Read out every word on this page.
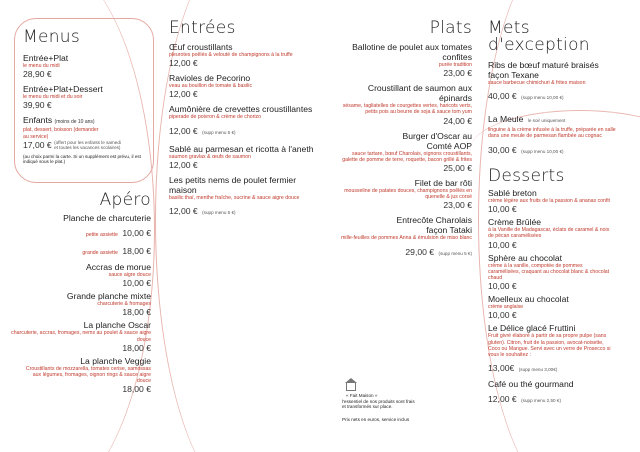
Menus
Entrée+Plat
le menu du midi
28,90 €
Entrée+Plat+Dessert
le menu du midi et du soir
39,90 €
Enfants (moins de 10 ans)
plat, dessert, boisson (demander au service)
17,00 € (offert pour les enfants le samedi et toutes les vacances scolaires)
(au choix parmi la carte. Si un supplément est prévu, il est indiqué sous le plat.)
Apéro
Planche de charcuterie
petite assiette 10,00 €
grande assiette 18,00 €
Accras de morue
sauce aigre douce
10,00 €
Grande planche mixte
charcuterie & fromages
18,00 €
La planche Oscar
charcuterie, accras, fromages, nems au poulet & sauce aigre douce
18,00 €
La planche Veggie
Croustillants de mozzarella, tomates cerise, samossas aux légumes, fromages, oignon rings & sauce aigre douce
18,00 €
Entrées
Œuf croustillants
pleurotes poêlés & velouté de champignons à la truffe
12,00 €
Ravioles de Pecorino
veau au bouillon de tomate & basilic
12,00 €
Aumônière de crevettes croustillantes
piperade de poivron & crème de chorizo
12,00 € (supp menu 5 €)
Sablé au parmesan et ricotta à l'aneth
saumon gravlax & œufs de saumon
12,00 €
Les petits nems de poulet fermier maison
basilic thaï, menthe fraîche, sucrine & sauce aigre douce
12,00 € (supp menu 5 €)
Plats
Ballotine de poulet aux tomates confites
purée tradition
23,00 €
Croustillant de saumon aux épinards
sésame, tagliatelles de courgettes vertes, haricots verts, petits pois au beurre de soja & sauce tom yum
24,00 €
Burger d'Oscar au Comté AOP
sauce tartare, bœuf Charolais, oignons croustillants, galette de pomme de terre, roquette, bacon grillé & frites
25,00 €
Filet de bar rôti
mousseline de patates douces, champignons poêlés en quenelle & jus corsé
23,00 €
Entrecôte Charolais façon Tataki
mille-feuilles de pommes Anna & émulsion de miso blanc
29,00 € (supp menu 5 €)
« Fait Maison »
l'essentiel de nos produits sont frais et transformés sur place.
Prix nets en euros, service inclus
Mets
d'exception
Ribs de bœuf maturé braisés façon Texane
sauce barbecue chimichuri & frites maison
40,00 € (supp menu 10,00 €)
La Meule le soir uniquement
linguine à la crème infusée à la truffe, préparée en salle dans une meule de parmesan flambée au cognac
30,00 € (supp menu 10,00 €)
Desserts
Sablé breton
crème légère aux fruits de la passion & ananas confit
10,00 €
Crème Brûlée
à la Vanille de Madagascar, éclats de caramel & noix de pécan caramélisées
10,00 €
Sphère au chocolat
crème à la vanille, compotée de pommes caramélisées, craquant au chocolat blanc & chocolat chaud
10,00 €
Moelleux au chocolat
crème anglaise
10,00 €
Le Délice glacé Fruttini
Fruit givré élaboré à partir de sa propre pulpe (sans gluten). Citron, fruit de la passion, avocat-noisette, Coco ou Mangue. Servi avec un verre de Prosecco si vous le souhaitez :
13,00€ (supp menu 3,00€)
Café ou thé gourmand
12,00 € (supp menu 2,50 €)
